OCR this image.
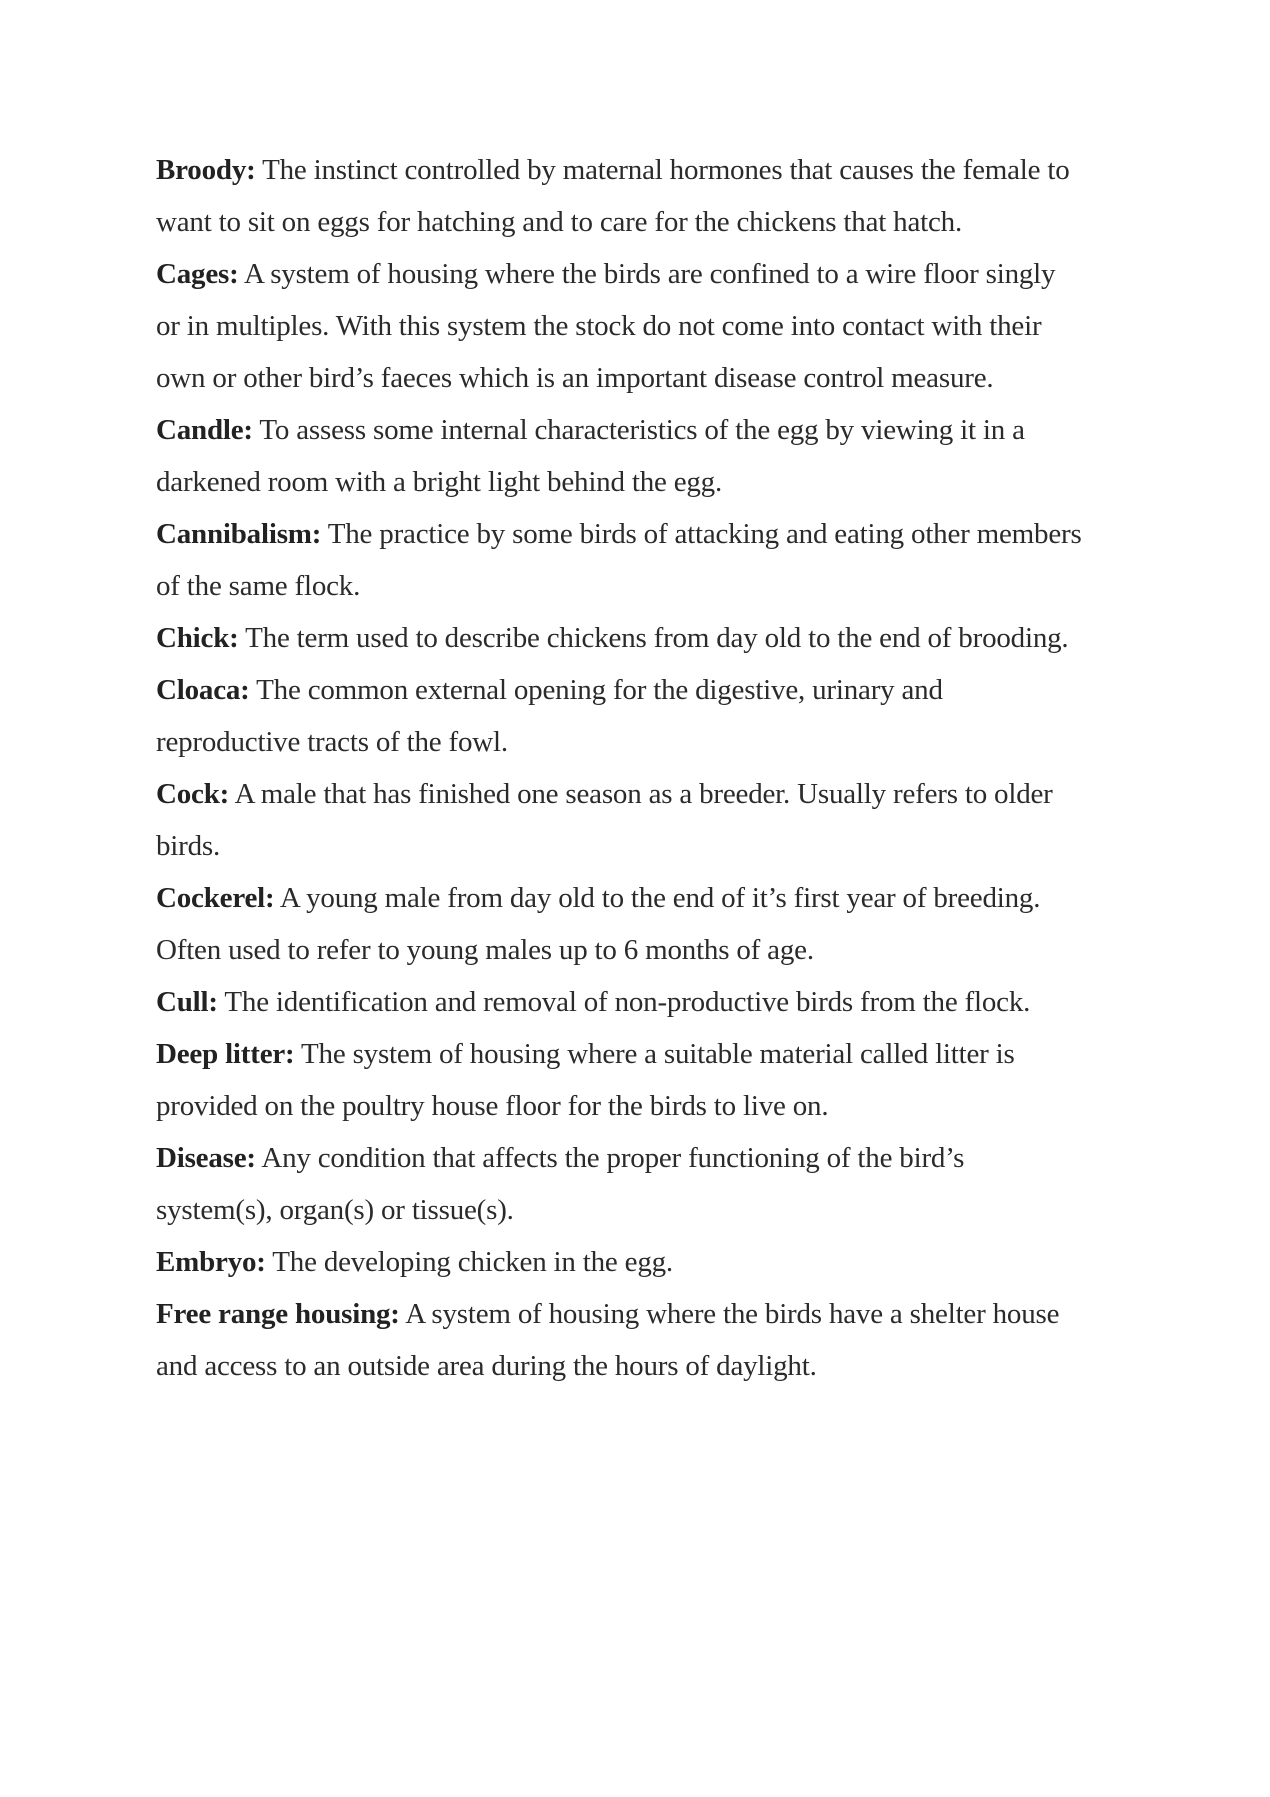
Broody: The instinct controlled by maternal hormones that causes the female to want to sit on eggs for hatching and to care for the chickens that hatch.

Cages: A system of housing where the birds are confined to a wire floor singly or in multiples. With this system the stock do not come into contact with their own or other bird’s faeces which is an important disease control measure.

Candle: To assess some internal characteristics of the egg by viewing it in a darkened room with a bright light behind the egg.

Cannibalism: The practice by some birds of attacking and eating other members of the same flock.

Chick: The term used to describe chickens from day old to the end of brooding.

Cloaca: The common external opening for the digestive, urinary and reproductive tracts of the fowl.

Cock: A male that has finished one season as a breeder. Usually refers to older birds.

Cockerel: A young male from day old to the end of it’s first year of breeding. Often used to refer to young males up to 6 months of age.

Cull: The identification and removal of non-productive birds from the flock.

Deep litter: The system of housing where a suitable material called litter is provided on the poultry house floor for the birds to live on.

Disease: Any condition that affects the proper functioning of the bird’s system(s), organ(s) or tissue(s).

Embryo: The developing chicken in the egg.

Free range housing: A system of housing where the birds have a shelter house and access to an outside area during the hours of daylight.
